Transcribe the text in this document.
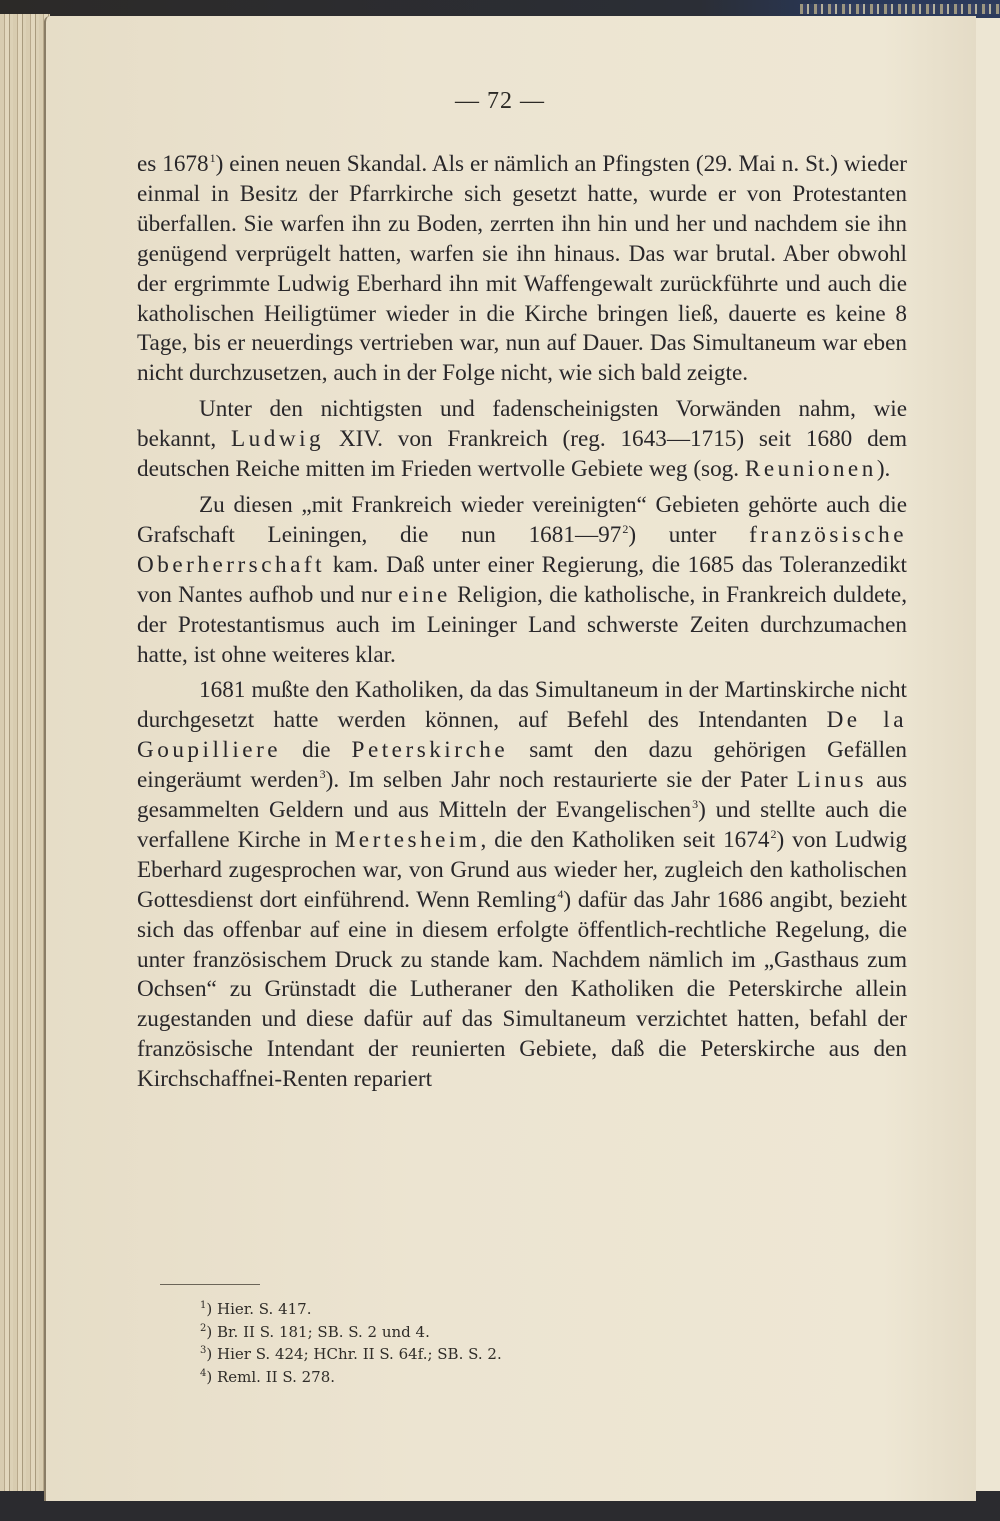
— 72 —

es 1678$^1$) einen neuen Skandal. Als er nämlich an Pfingsten (29. Mai n. St.) wieder einmal in Besitz der Pfarrkirche sich gesetzt hatte, wurde er von Protestanten überfallen. Sie warfen ihn zu Boden, zerrten ihn hin und her und nachdem sie ihn genügend verprügelt hatten, warfen sie ihn hinaus. Das war brutal. Aber obwohl der ergrimmte Ludwig Eberhard ihn mit Waffengewalt zurückführte und auch die katholischen Heiligtümer wieder in die Kirche bringen ließ, dauerte es keine 8 Tage, bis er neuerdings vertrieben war, nun auf Dauer. Das Simultaneum war eben nicht durchzusetzen, auch in der Folge nicht, wie sich bald zeigte.

Unter den nichtigsten und fadenscheinigsten Vorwänden nahm, wie bekannt, Ludwig XIV. von Frankreich (reg. 1643—1715) seit 1680 dem deutschen Reiche mitten im Frieden wertvolle Gebiete weg (sog. Reunionen).

Zu diesen „mit Frankreich wieder vereinigten“ Gebieten gehörte auch die Grafschaft Leiningen, die nun 1681—97$^2$) unter französische Oberherrschaft kam. Daß unter einer Regierung, die 1685 das Toleranzedikt von Nantes aufhob und nur eine Religion, die katholische, in Frankreich duldete, der Protestantismus auch im Leininger Land schwerste Zeiten durchzumachen hatte, ist ohne weiteres klar.

1681 mußte den Katholiken, da das Simultaneum in der Martinskirche nicht durchgesetzt hatte werden können, auf Befehl des Intendanten De la Goupilliere die Peterskirche samt den dazu gehörigen Gefällen eingeräumt werden$^3$). Im selben Jahr noch restaurierte sie der Pater Linus aus gesammelten Geldern und aus Mitteln der Evangelischen$^3$) und stellte auch die verfallene Kirche in Mertesheim, die den Katholiken seit 1674$^2$) von Ludwig Eberhard zugesprochen war, von Grund aus wieder her, zugleich den katholischen Gottesdienst dort einführend. Wenn Remling$^4$) dafür das Jahr 1686 angibt, bezieht sich das offenbar auf eine in diesem erfolgte öffentlich-rechtliche Regelung, die unter französischem Druck zu stande kam. Nachdem nämlich im „Gasthaus zum Ochsen“ zu Grünstadt die Lutheraner den Katholiken die Peterskirche allein zugestanden und diese dafür auf das Simultaneum verzichtet hatten, befahl der französische Intendant der reunierten Gebiete, daß die Peterskirche aus den Kirchschaffnei-Renten repariert

$^1$) Hier. S. 417.
$^2$) Br. II S. 181; SB. S. 2 und 4.
$^3$) Hier S. 424; HChr. II S. 64f.; SB. S. 2.
$^4$) Reml. II S. 278.
